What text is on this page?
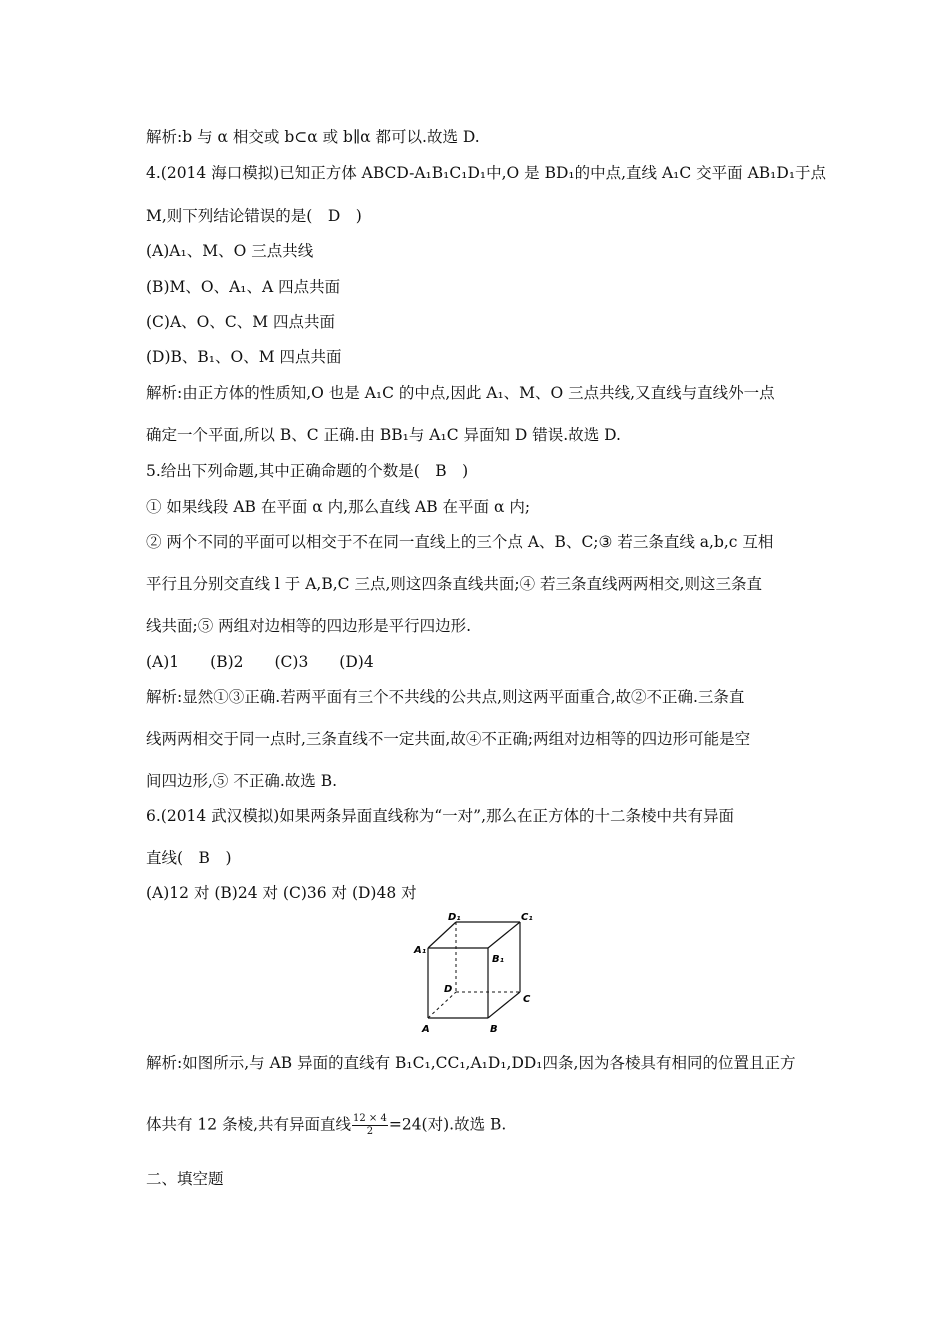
解析:b 与 α 相交或 b⊂α 或 b∥α 都可以.故选 D.
4.(2014 海口模拟)已知正方体 ABCD-A₁B₁C₁D₁中,O 是 BD₁的中点,直线 A₁C 交平面 AB₁D₁于点
M,则下列结论错误的是(　D　)
(A)A₁、M、O 三点共线
(B)M、O、A₁、A 四点共面
(C)A、O、C、M 四点共面
(D)B、B₁、O、M 四点共面
解析:由正方体的性质知,O 也是 A₁C 的中点,因此 A₁、M、O 三点共线,又直线与直线外一点
确定一个平面,所以 B、C 正确.由 BB₁与 A₁C 异面知 D 错误.故选 D.
5.给出下列命题,其中正确命题的个数是(　B　)
① 如果线段 AB 在平面 α 内,那么直线 AB 在平面 α 内;
② 两个不同的平面可以相交于不在同一直线上的三个点 A、B、C;③ 若三条直线 a,b,c 互相
平行且分别交直线 l 于 A,B,C 三点,则这四条直线共面;④ 若三条直线两两相交,则这三条直
线共面;⑤ 两组对边相等的四边形是平行四边形.
(A)1　　(B)2　　(C)3　　(D)4
解析:显然①③正确.若两平面有三个不共线的公共点,则这两平面重合,故②不正确.三条直
线两两相交于同一点时,三条直线不一定共面,故④不正确;两组对边相等的四边形可能是空
间四边形,⑤ 不正确.故选 B.
6.(2014 武汉模拟)如果两条异面直线称为“一对”,那么在正方体的十二条棱中共有异面
直线(　B　)
(A)12 对 (B)24 对 (C)36 对 (D)48 对
A	B
C
D
A₁
B₁
C₁
D₁
解析:如图所示,与 AB 异面的直线有 B₁C₁,CC₁,A₁D₁,DD₁四条,因为各棱具有相同的位置且正方
体共有 12 条棱,共有异面直线 $\frac{12 \times 4}{2} =24$(对).故选 B.
二、填空题
